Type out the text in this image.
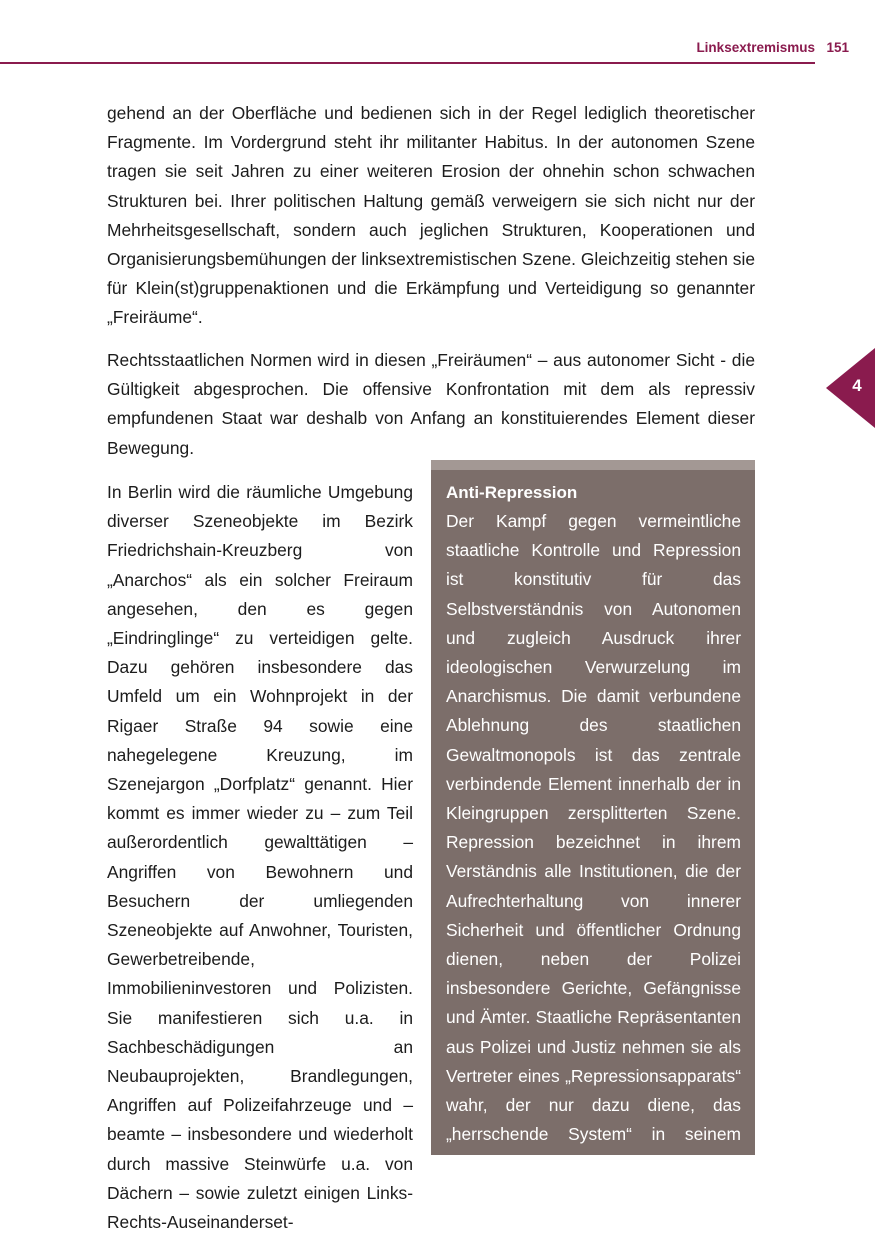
Linksextremismus 151
4

gehend an der Oberfläche und bedienen sich in der Regel lediglich theoretischer Fragmente. Im Vordergrund steht ihr militanter Habitus. In der autonomen Szene tragen sie seit Jahren zu einer weiteren Erosion der ohnehin schon schwachen Strukturen bei. Ihrer politischen Haltung gemäß verweigern sie sich nicht nur der Mehrheitsgesellschaft, sondern auch jeglichen Strukturen, Kooperationen und Organisierungsbemühungen der linksextremistischen Szene. Gleichzeitig stehen sie für Klein(st)gruppenaktionen und die Erkämpfung und Verteidigung so genannter „Freiräume“.

Rechtsstaatlichen Normen wird in diesen „Freiräumen“ – aus autonomer Sicht - die Gültigkeit abgesprochen. Die offensive Konfrontation mit dem als repressiv empfundenen Staat war deshalb von Anfang an konstituierendes Element dieser Bewegung.

In Berlin wird die räumliche Umgebung diverser Szeneobjekte im Bezirk Friedrichshain-Kreuzberg von „Anarchos“ als ein solcher Freiraum angesehen, den es gegen „Eindringlinge“ zu verteidigen gelte. Dazu gehören insbesondere das Umfeld um ein Wohnprojekt in der Rigaer Straße 94 sowie eine nahegelegene Kreuzung, im Szenejargon „Dorfplatz“ genannt. Hier kommt es immer wieder zu – zum Teil außerordentlich gewalttätigen – Angriffen von Bewohnern und Besuchern der umliegenden Szeneobjekte auf Anwohner, Touristen, Gewerbetreibende, Immobilieninvestoren und Polizisten. Sie manifestieren sich u.a. in Sachbeschädigungen an Neubauprojekten, Brandlegungen, Angriffen auf Polizeifahrzeuge und –beamte – insbesondere und wiederholt durch massive Steinwürfe u.a. von Dächern – sowie zuletzt einigen Links-Rechts-Auseinanderset-

Anti-Repression

Der Kampf gegen vermeintliche staatliche Kontrolle und Repression ist konstitutiv für das Selbstverständnis von Autonomen und zugleich Ausdruck ihrer ideologischen Verwurzelung im Anarchismus. Die damit verbundene Ablehnung des staatlichen Gewaltmonopols ist das zentrale verbindende Element innerhalb der in Kleingruppen zersplitterten Szene. Repression bezeichnet in ihrem Verständnis alle Institutionen, die der Aufrechterhaltung von innerer Sicherheit und öffentlicher Ordnung dienen, neben der Polizei insbesondere Gerichte, Gefängnisse und Ämter. Staatliche Repräsentanten aus Polizei und Justiz nehmen sie als Vertreter eines „Repressionsapparats“ wahr, der nur dazu diene, das „herrschende System“ in seinem Bestehen zu sichern. Um die angeb-
